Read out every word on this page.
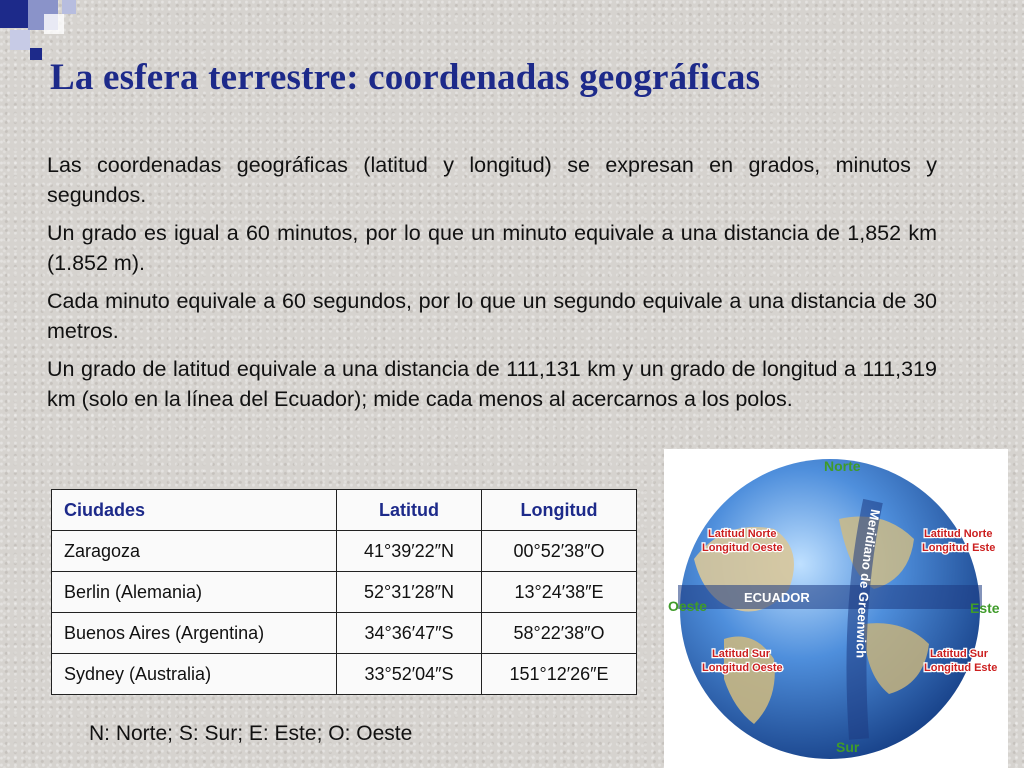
La esfera terrestre: coordenadas geográficas

Las coordenadas geográficas (latitud y longitud) se expresan en grados, minutos y segundos.

Un grado es igual a 60 minutos, por lo que un minuto equivale a una distancia de 1,852 km (1.852 m).

Cada minuto equivale a 60 segundos, por lo que un segundo equivale a una distancia de 30 metros.

Un grado de latitud equivale a una distancia de 111,131 km y un grado de longitud a 111,319 km (solo en la línea del Ecuador); mide cada menos al acercarnos a los polos.

Ciudades	Latitud	Longitud
Zaragoza	41°39′22″N	00°52′38″O
Berlin (Alemania)	52°31′28″N	13°24′38″E
Buenos Aires (Argentina)	34°36′47″S	58°22′38″O
Sydney (Australia)	33°52′04″S	151°12′26″E
N: Norte; S: Sur; E: Este; O: Oeste
ECUADOR
Meridiano de Greenwich
Norte
Sur
Oeste	Este
Latitud Norte
Longitud Oeste
Latitud Norte
Longitud Este
Latitud Sur
Longitud Oeste
Latitud Sur
Longitud Este
